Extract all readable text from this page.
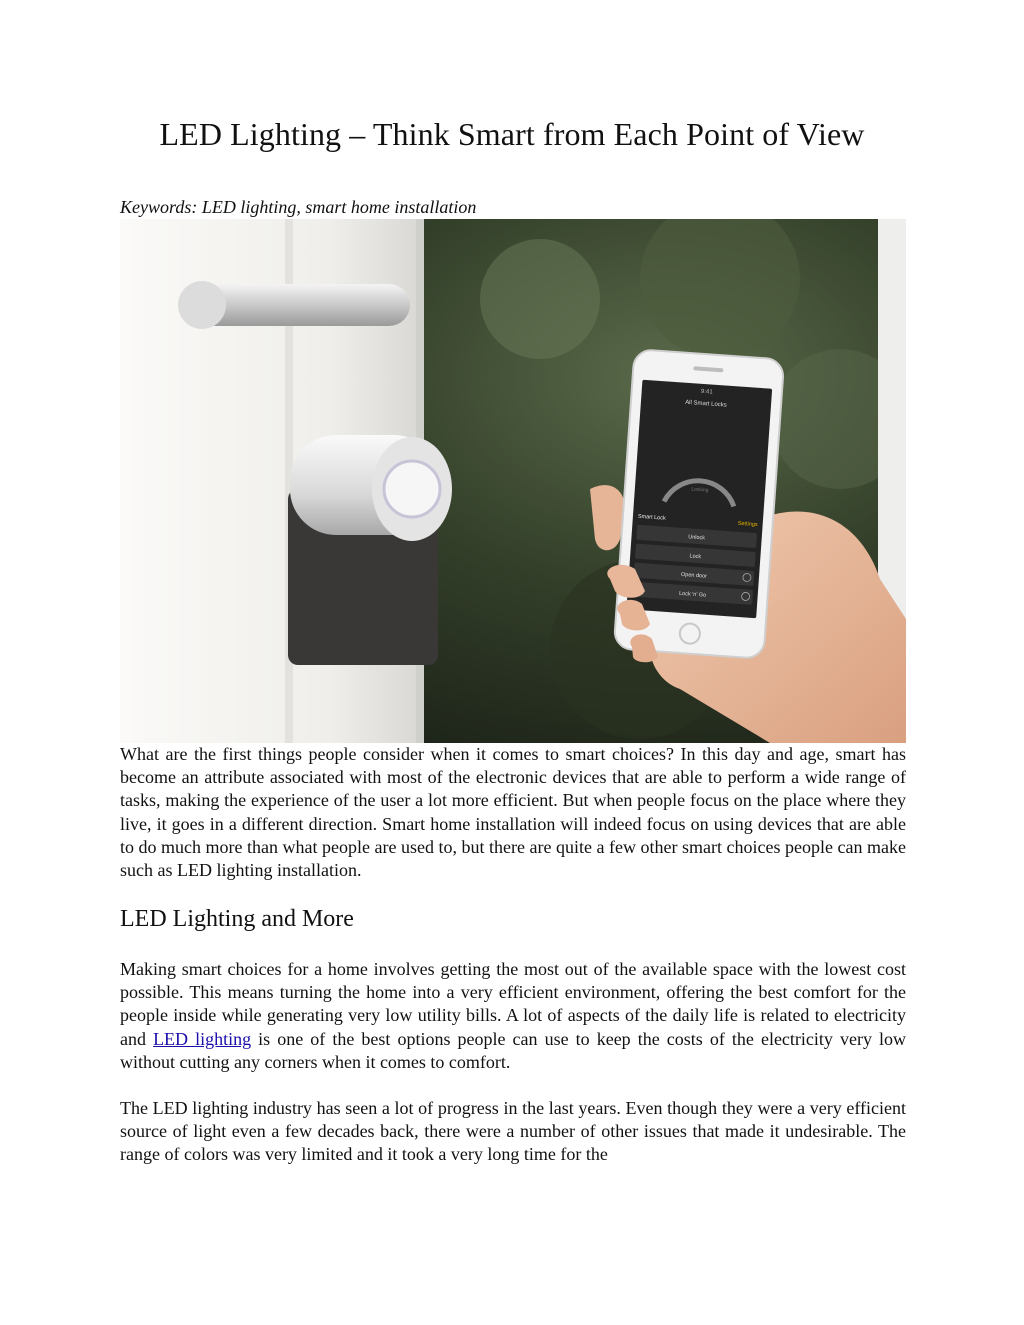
LED Lighting – Think Smart from Each Point of View

Keywords: LED lighting, smart home installation

9:41
All Smart Locks
Locking
Smart Lock
Settings
Unlock
Lock
Open door
Lock 'n' Go

What are the first things people consider when it comes to smart choices? In this day and age, smart has become an attribute associated with most of the electronic devices that are able to perform a wide range of tasks, making the experience of the user a lot more efficient. But when people focus on the place where they live, it goes in a different direction. Smart home installation will indeed focus on using devices that are able to do much more than what people are used to, but there are quite a few other smart choices people can make such as LED lighting installation.

LED Lighting and More

Making smart choices for a home involves getting the most out of the available space with the lowest cost possible. This means turning the home into a very efficient environment, offering the best comfort for the people inside while generating very low utility bills. A lot of aspects of the daily life is related to electricity and LED lighting is one of the best options people can use to keep the costs of the electricity very low without cutting any corners when it comes to comfort.

The LED lighting industry has seen a lot of progress in the last years. Even though they were a very efficient source of light even a few decades back, there were a number of other issues that made it undesirable. The range of colors was very limited and it took a very long time for the
